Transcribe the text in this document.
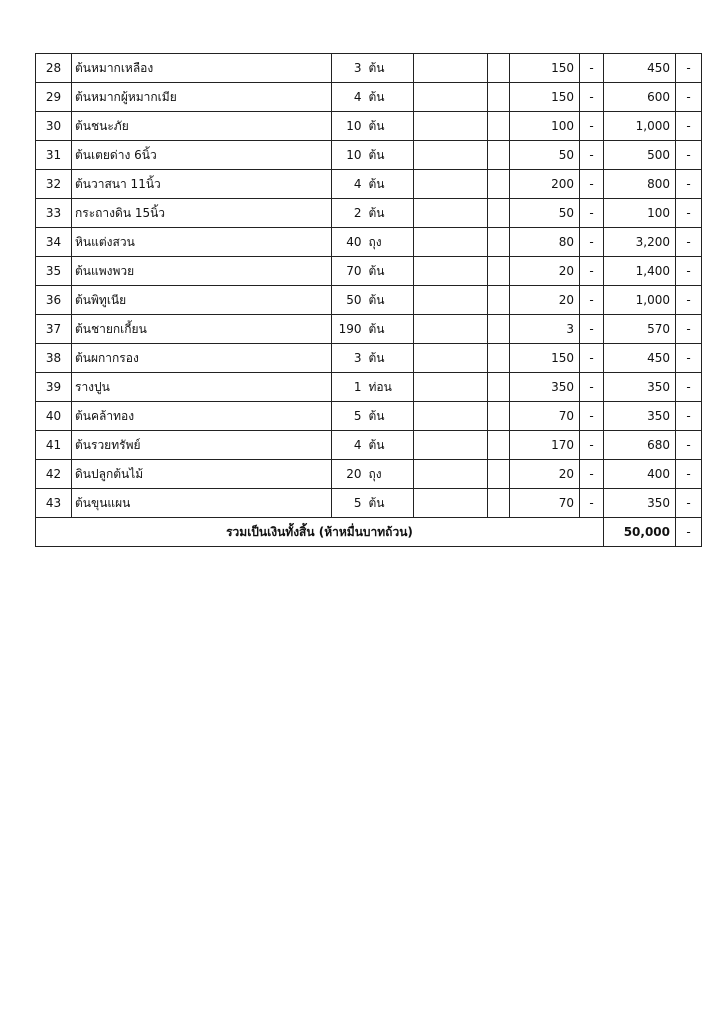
28	ต้นหมากเหลือง	3	ต้น			150	-	450	-
29	ต้นหมากผู้หมากเมีย	4	ต้น			150	-	600	-
30	ต้นชนะภัย	10	ต้น			100	-	1,000	-
31	ต้นเตยด่าง 6นิ้ว	10	ต้น			50	-	500	-
32	ต้นวาสนา 11นิ้ว	4	ต้น			200	-	800	-
33	กระถางดิน 15นิ้ว	2	ต้น			50	-	100	-
34	หินแต่งสวน	40	ถุง			80	-	3,200	-
35	ต้นแพงพวย	70	ต้น			20	-	1,400	-
36	ต้นพิทูเนีย	50	ต้น			20	-	1,000	-
37	ต้นชายกเกี้ยน	190	ต้น			3	-	570	-
38	ต้นผกากรอง	3	ต้น			150	-	450	-
39	รางปูน	1	ท่อน			350	-	350	-
40	ต้นคล้าทอง	5	ต้น			70	-	350	-
41	ต้นรวยทรัพย์	4	ต้น			170	-	680	-
42	ดินปลูกต้นไม้	20	ถุง			20	-	400	-
43	ต้นขุนแผน	5	ต้น			70	-	350	-
รวมเป็นเงินทั้งสิ้น (ห้าหมื่นบาทถ้วน)								50,000	-
